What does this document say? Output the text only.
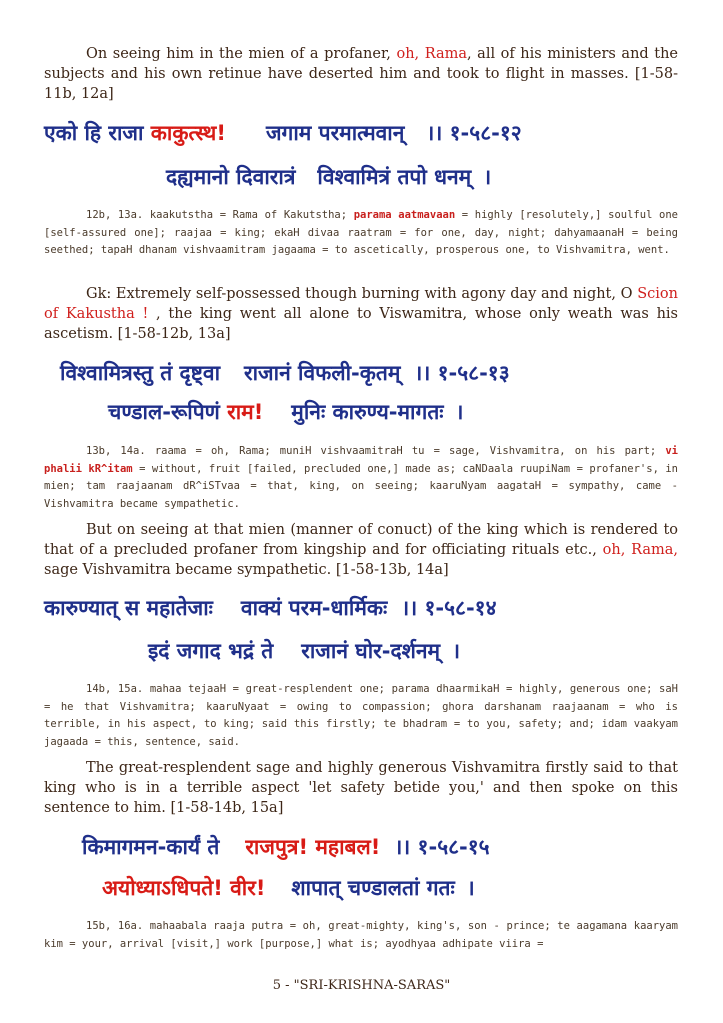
On seeing him in the mien of a profaner, oh, Rama, all of his ministers and the subjects and his own retinue have deserted him and took to flight in masses. [1-58-11b, 12a]

एको हि राजा काकुत्स्थ! जगाम परमात्मवान् ।। १-५८-१२
दह्यमानो दिवारात्रं विश्वामित्रं तपो धनम् ।

12b, 13a. kaakutstha = Rama of Kakutstha; parama aatmavaan = highly [resolutely,] soulful one [self-assured one]; raajaa = king; ekaH divaa raatram = for one, day, night; dahyamaanaH = being seethed; tapaH dhanam vishvaamitram jagaama = to ascetically, prosperous one, to Vishvamitra, went.

Gk: Extremely self-possessed though burning with agony day and night, O Scion of Kakustha ! , the king went all alone to Viswamitra, whose only weath was his ascetism. [1-58-12b, 13a]

विश्वामित्रस्तु तं दृष्ट्वा राजानं विफली-कृतम् ।। १-५८-१३
चण्डाल-रूपिणं राम! मुनिः कारुण्य-मागतः ।

13b, 14a. raama = oh, Rama; muniH vishvaamitraH tu = sage, Vishvamitra, on his part; vi phalii kR^itam = without, fruit [failed, precluded one,] made as; caNDaala ruupiNam = profaner's, in mien; tam raajaanam dR^iSTvaa = that, king, on seeing; kaaruNyam aagataH = sympathy, came - Vishvamitra became sympathetic.

But on seeing at that mien (manner of conuct) of the king which is rendered to that of a precluded profaner from kingship and for officiating rituals etc., oh, Rama, sage Vishvamitra became sympathetic. [1-58-13b, 14a]

कारुण्यात् स महातेजाः वाक्यं परम-धार्मिकः ।। १-५८-१४
इदं जगाद भद्रं ते राजानं घोर-दर्शनम् ।

14b, 15a. mahaa tejaaH = great-resplendent one; parama dhaarmikaH = highly, generous one; saH = he that Vishvamitra; kaaruNyaat = owing to compassion; ghora darshanam raajaanam = who is terrible, in his aspect, to king; said this firstly; te bhadram = to you, safety; and; idam vaakyam jagaada = this, sentence, said.

The great-resplendent sage and highly generous Vishvamitra firstly said to that king who is in a terrible aspect 'let safety betide you,' and then spoke on this sentence to him. [1-58-14b, 15a]

किमागमन-कार्यं ते राजपुत्र! महाबल! ।। १-५८-१५
अयोध्याऽधिपते! वीर! शापात् चण्डालतां गतः ।

15b, 16a. mahaabala raaja putra = oh, great-mighty, king's, son - prince; te aagamana kaaryam kim = your, arrival [visit,] work [purpose,] what is; ayodhyaa adhipate viira =

5 - "SRI-KRISHNA-SARAS"
